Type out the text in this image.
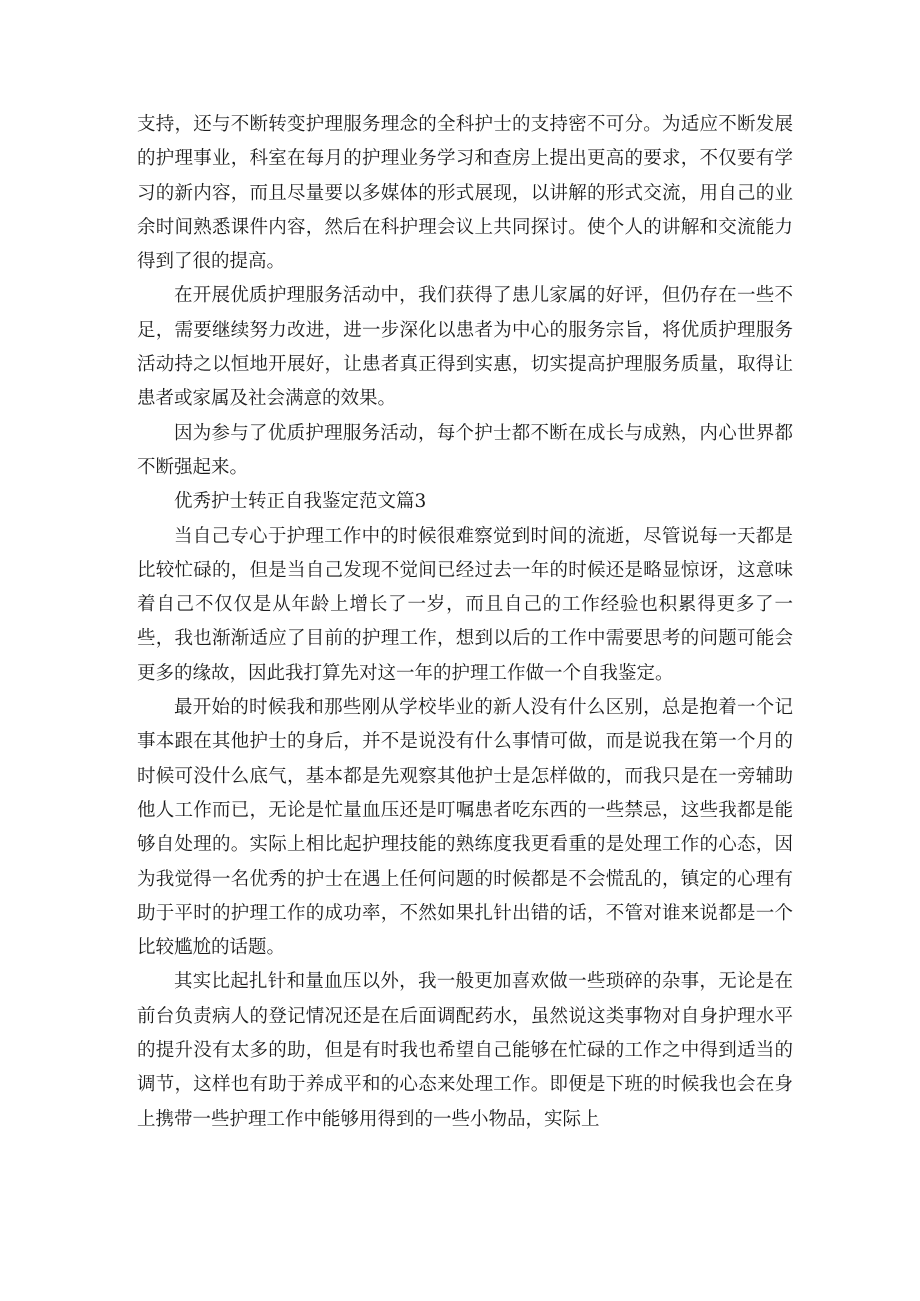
支持，还与不断转变护理服务理念的全科护士的支持密不可分。为适应不断发展的护理事业，科室在每月的护理业务学习和查房上提出更高的要求，不仅要有学习的新内容，而且尽量要以多媒体的形式展现，以讲解的形式交流，用自己的业余时间熟悉课件内容，然后在科护理会议上共同探讨。使个人的讲解和交流能力得到了很的提高。

在开展优质护理服务活动中，我们获得了患儿家属的好评，但仍存在一些不足，需要继续努力改进，进一步深化以患者为中心的服务宗旨，将优质护理服务活动持之以恒地开展好，让患者真正得到实惠，切实提高护理服务质量，取得让患者或家属及社会满意的效果。

因为参与了优质护理服务活动，每个护士都不断在成长与成熟，内心世界都不断强起来。

优秀护士转正自我鉴定范文篇3

当自己专心于护理工作中的时候很难察觉到时间的流逝，尽管说每一天都是比较忙碌的，但是当自己发现不觉间已经过去一年的时候还是略显惊讶，这意味着自己不仅仅是从年龄上增长了一岁，而且自己的工作经验也积累得更多了一些，我也渐渐适应了目前的护理工作，想到以后的工作中需要思考的问题可能会更多的缘故，因此我打算先对这一年的护理工作做一个自我鉴定。

最开始的时候我和那些刚从学校毕业的新人没有什么区别，总是抱着一个记事本跟在其他护士的身后，并不是说没有什么事情可做，而是说我在第一个月的时候可没什么底气，基本都是先观察其他护士是怎样做的，而我只是在一旁辅助他人工作而已，无论是忙量血压还是叮嘱患者吃东西的一些禁忌，这些我都是能够自处理的。实际上相比起护理技能的熟练度我更看重的是处理工作的心态，因为我觉得一名优秀的护士在遇上任何问题的时候都是不会慌乱的，镇定的心理有助于平时的护理工作的成功率，不然如果扎针出错的话，不管对谁来说都是一个比较尴尬的话题。

其实比起扎针和量血压以外，我一般更加喜欢做一些琐碎的杂事，无论是在前台负责病人的登记情况还是在后面调配药水，虽然说这类事物对自身护理水平的提升没有太多的助，但是有时我也希望自己能够在忙碌的工作之中得到适当的调节，这样也有助于养成平和的心态来处理工作。即便是下班的时候我也会在身上携带一些护理工作中能够用得到的一些小物品，实际上
